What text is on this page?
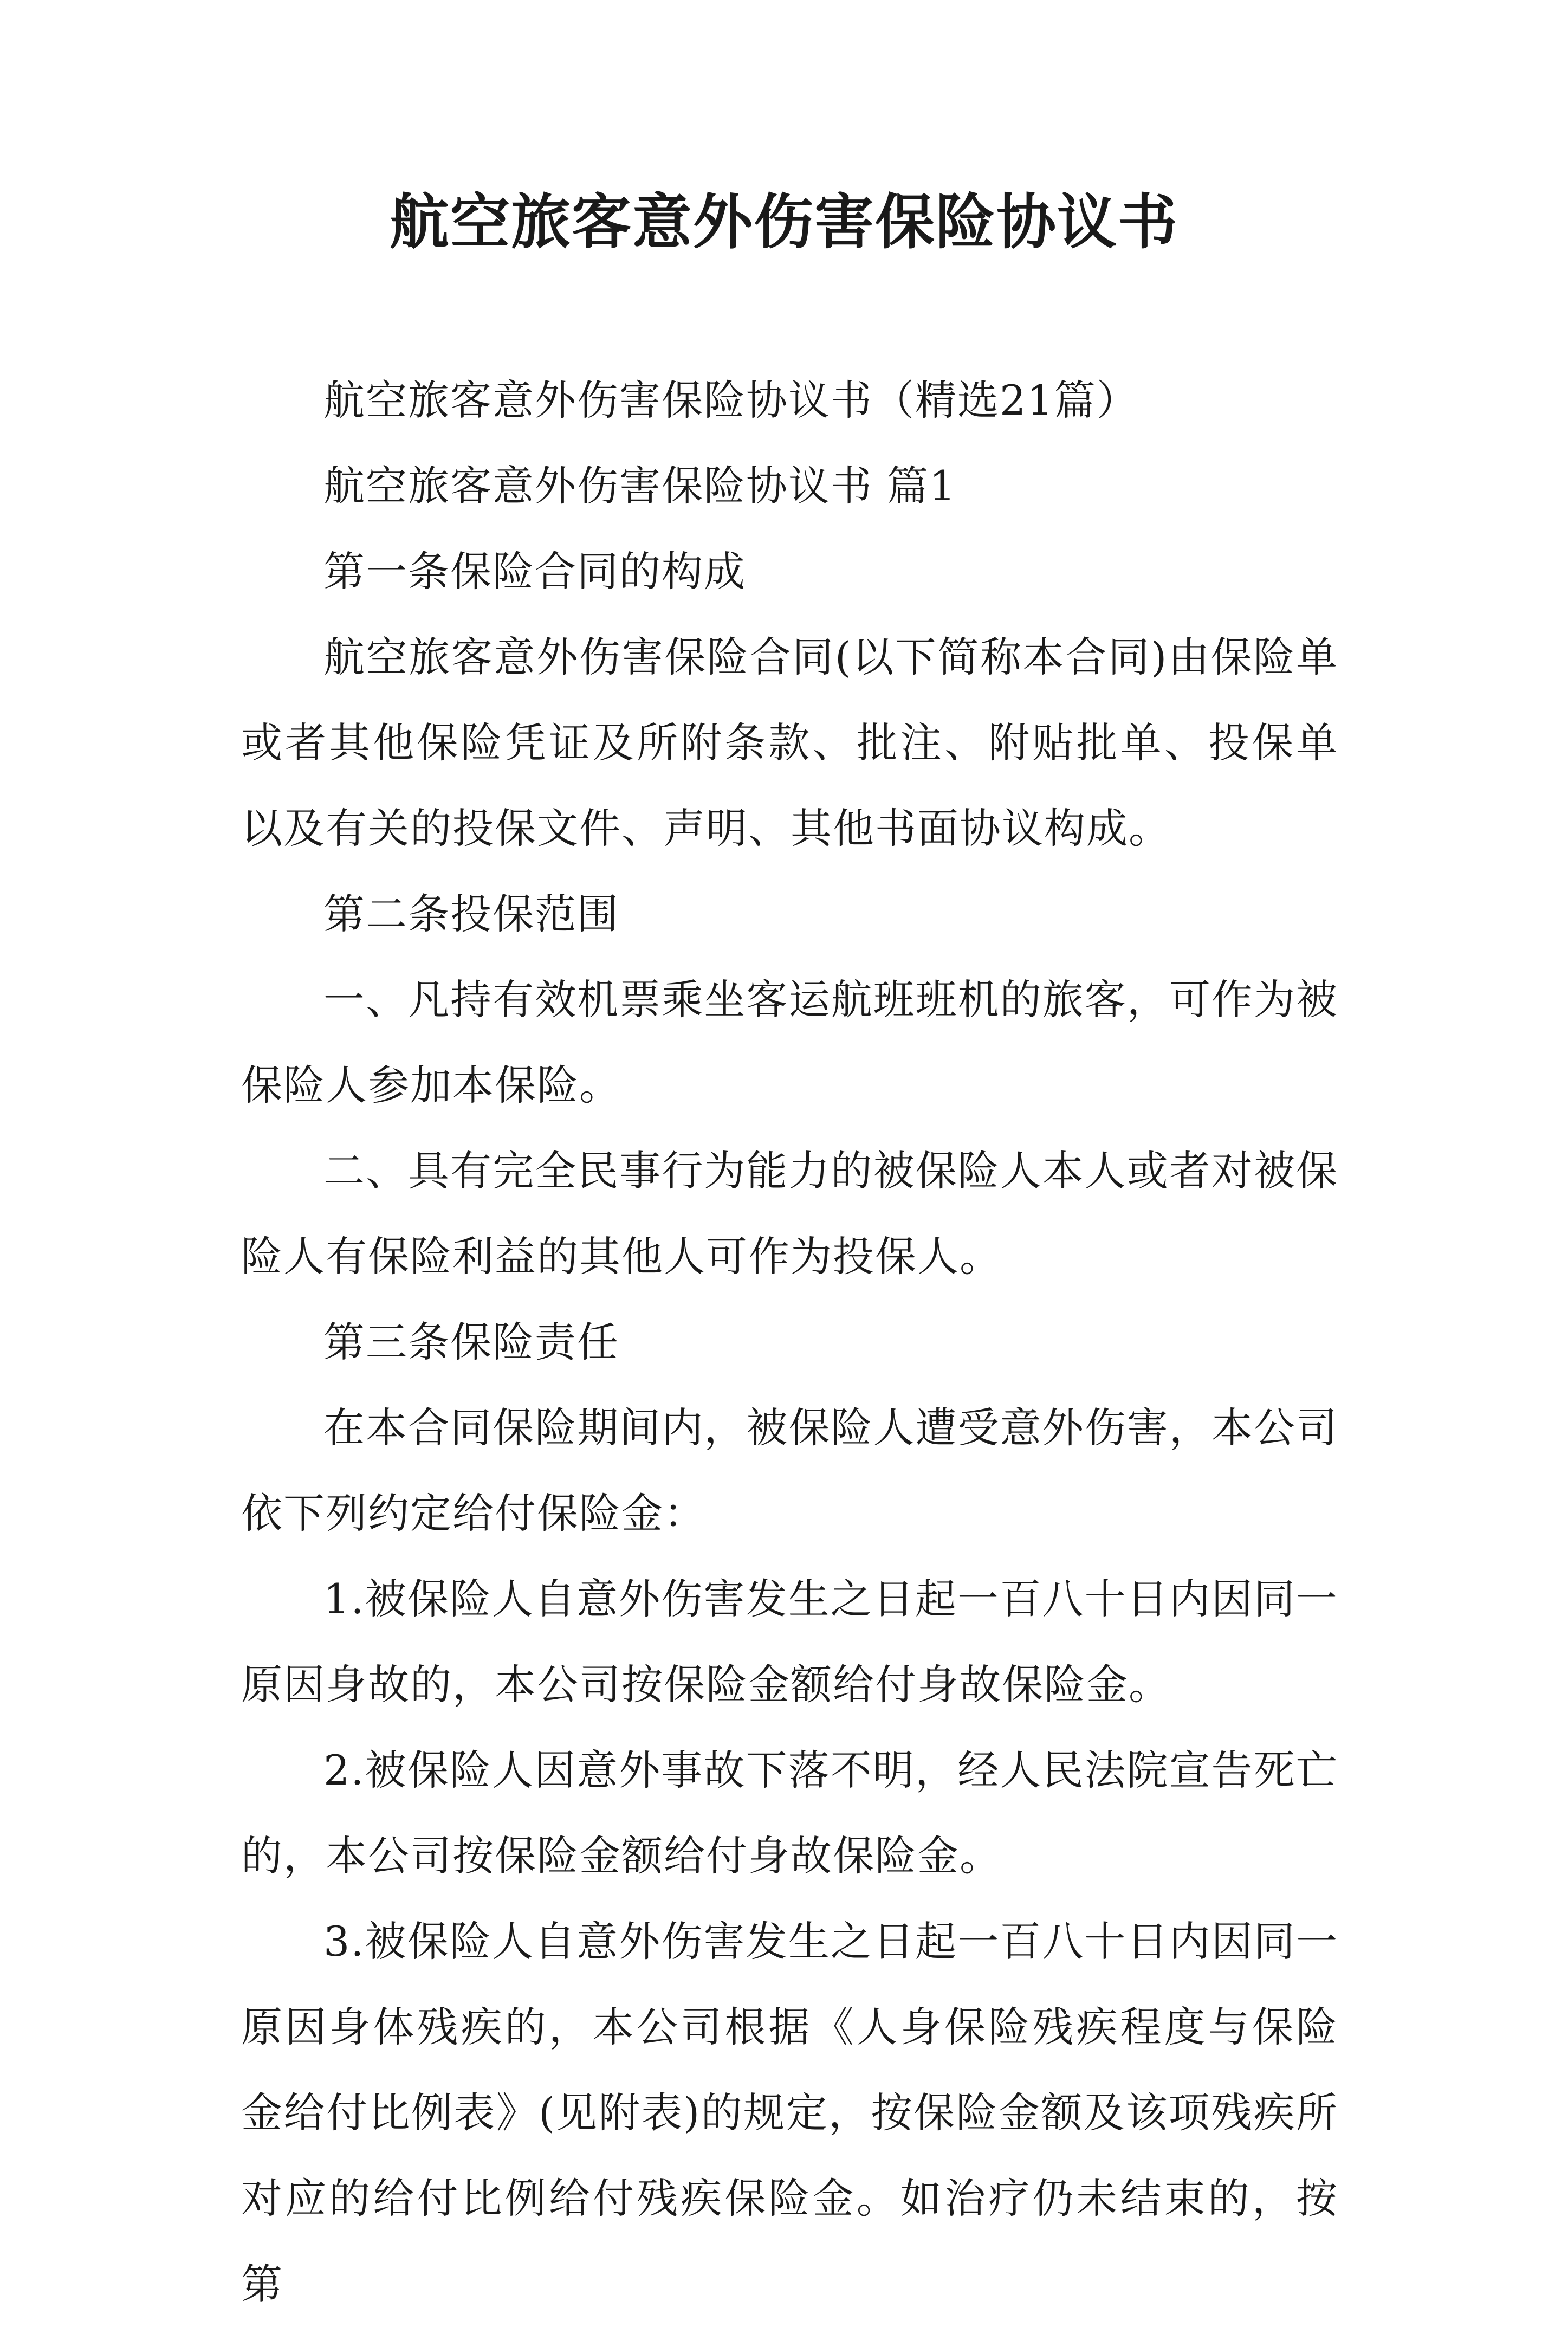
航空旅客意外伤害保险协议书

航空旅客意外伤害保险协议书（精选21篇）

航空旅客意外伤害保险协议书 篇1

第一条保险合同的构成

航空旅客意外伤害保险合同(以下简称本合同)由保险单或者其他保险凭证及所附条款、批注、附贴批单、投保单以及有关的投保文件、声明、其他书面协议构成。

第二条投保范围

一、凡持有效机票乘坐客运航班班机的旅客，可作为被保险人参加本保险。

二、具有完全民事行为能力的被保险人本人或者对被保险人有保险利益的其他人可作为投保人。

第三条保险责任

在本合同保险期间内，被保险人遭受意外伤害，本公司依下列约定给付保险金：

1.被保险人自意外伤害发生之日起一百八十日内因同一原因身故的，本公司按保险金额给付身故保险金。

2.被保险人因意外事故下落不明，经人民法院宣告死亡的，本公司按保险金额给付身故保险金。

3.被保险人自意外伤害发生之日起一百八十日内因同一原因身体残疾的，本公司根据《人身保险残疾程度与保险金给付比例表》(见附表)的规定，按保险金额及该项残疾所对应的给付比例给付残疾保险金。如治疗仍未结束的，按第
